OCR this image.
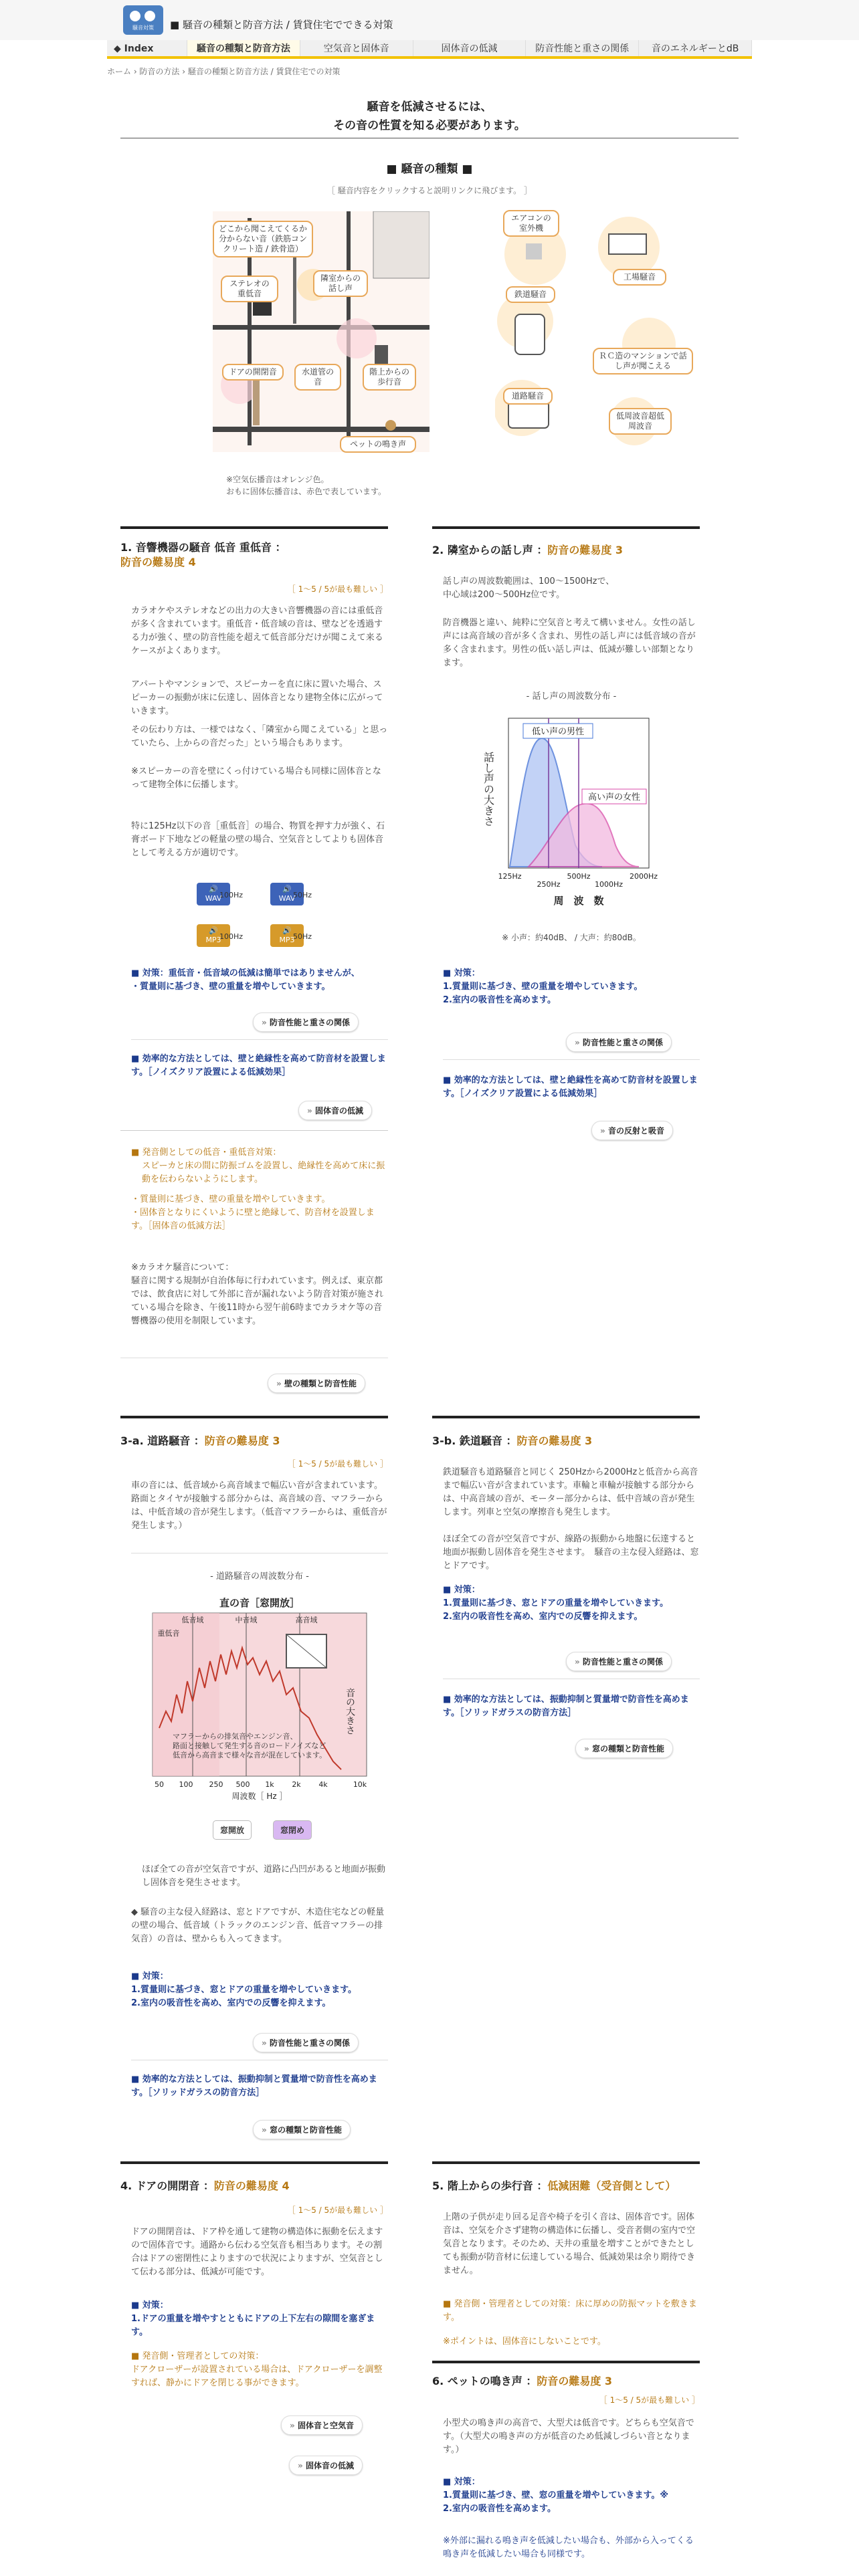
騒音対策	■ 騒音の種類と防音方法 / 賃貸住宅でできる対策
◆ Index	騒音の種類と防音方法	空気音と固体音	固体音の低減	防音性能と重さの関係	音のエネルギーとdB
ホーム › 防音の方法 › 騒音の種類と防音方法 / 賃貸住宅での対策
騒音を低減させるには、
その音の性質を知る必要があります。
■ 騒音の種類 ■
［ 騒音内容をクリックすると説明リンクに飛びます。 ］
どこから聞こえてくるか分からない音（鉄筋コンクリート造 / 鉄骨造）
ステレオの重低音
隣室からの話し声
ドアの開閉音	水道管の音
階上からの歩行音
ペットの鳴き声
エアコンの室外機
工場騒音
鉄道騒音
ＲＣ造のマンションで話し声が聞こえる
道路騒音
低周波音超低周波音
※空気伝播音はオレンジ色。
おもに固体伝播音は、赤色で表しています。
1. 音響機器の騒音 低音 重低音 ：
防音の難易度 4
［ 1～5 / 5が最も難しい ］
カラオケやステレオなどの出力の大きい音響機器の音には重低音が多く含まれています。重低音・低音域の音は、壁などを透過する力が強く、壁の防音性能を超えて低音部分だけが聞こえて来るケースがよくあります。
アパートやマンションで、スピーカーを直に床に置いた場合、スピーカーの振動が床に伝達し、固体音となり建物全体に広がっていきます。
その伝わり方は、一様ではなく、「隣室から聞こえている」と思っていたら、上からの音だった」という場合もあります。
※スピーカーの音を壁にくっ付けている場合も同様に固体音となって建物全体に伝播します。
特に125Hz以下の音［重低音］の場合、物質を押す力が強く、石膏ボード下地などの軽量の壁の場合、空気音としてよりも固体音として考える方が適切です。
🔊
WAV
100Hz
🔊
WAV
50Hz
🔊
MP3
100Hz
🔊
MP3
50Hz
■ 対策：重低音・低音域の低減は簡単ではありませんが、
・質量則に基づき、壁の重量を増やしていきます。
» 防音性能と重さの関係
■ 効率的な方法としては、壁と絶縁性を高めて防音材を設置します。［ノイズクリア設置による低減効果］
» 固体音の低減
■ 発音側としての低音・重低音対策：
スピーカと床の間に防振ゴムを設置し、絶縁性を高めて床に振動を伝わらないようにします。
・質量則に基づき、壁の重量を増やしていきます。
・固体音となりにくいように壁と絶縁して、防音材を設置します。［固体音の低減方法］
※カラオケ騒音について：
騒音に関する規制が自治体毎に行われています。例えば、東京都では、飲食店に対して外部に音が漏れないよう防音対策が施されている場合を除き、午後11時から翌午前6時までカラオケ等の音響機器の使用を制限しています。
» 壁の種類と防音性能
2. 隣室からの話し声 ：防音の難易度 3
話し声の周波数範囲は、100～1500Hzで、
中心域は200～500Hz位です。
防音機器と違い、純粋に空気音と考えて構いません。女性の話し声には高音域の音が多く含まれ、男性の話し声には低音域の音が多く含まれます。男性の低い話し声は、低減が難しい部類となります。
- 話し声の周波数分布 -
低い声の男性
高い声の女性
話し声の大きさ
125Hz
250Hz
500Hz
1000Hz
2000Hz
周　波　数
※ 小声：約40dB、 / 大声：約80dB。
■ 対策：
1.質量則に基づき、壁の重量を増やしていきます。
2.室内の吸音性を高めます。
» 防音性能と重さの関係
■ 効率的な方法としては、壁と絶縁性を高めて防音材を設置します。［ノイズクリア設置による低減効果］
» 音の反射と吸音
3-a. 道路騒音 ：防音の難易度 3
［ 1～5 / 5が最も難しい ］
車の音には、低音域から高音域まで幅広い音が含まれています。路面とタイヤが接触する部分からは、高音域の音、マフラーからは、中低音域の音が発生します。（低音マフラーからは、重低音が発生します。）
- 道路騒音の周波数分布 -
直の音［窓開放］
低音域	中音域	高音域
重低音
音の大きさ
マフラーからの排気音やエンジン音、 路面と接触して発生する音のロードノイズなど 低音から高音まで様々な音が混在しています。
50 100 250 500 1k 2k 4k	10k
周波数［ Hz ］
窓開放	窓閉め
ほぼ全ての音が空気音ですが、道路に凸凹があると地面が振動し固体音を発生させます。
◆ 騒音の主な侵入経路は、窓とドアですが、木造住宅などの軽量の壁の場合、低音域（トラックのエンジン音、低音マフラーの排気音）の音は、壁からも入ってきます。
■ 対策：
1.質量則に基づき、窓とドアの重量を増やしていきます。
2.室内の吸音性を高め、室内での反響を抑えます。
» 防音性能と重さの関係
■ 効率的な方法としては、振動抑制と質量増で防音性を高めます。［ソリッドガラスの防音方法］
» 窓の種類と防音性能
3-b. 鉄道騒音 ：防音の難易度 3
鉄道騒音も道路騒音と同じく 250Hzから2000Hzと低音から高音まで幅広い音が含まれています。車輪と車輪が接触する部分からは、中高音域の音が、モーター部分からは、低中音域の音が発生します。列車と空気の摩擦音も発生します。
ほぼ全ての音が空気音ですが、線路の振動から地盤に伝達すると地面が振動し固体音を発生させます。　騒音の主な侵入経路は、窓とドアです。
■ 対策：
1.質量則に基づき、窓とドアの重量を増やしていきます。
2.室内の吸音性を高め、室内での反響を抑えます。
» 防音性能と重さの関係
■ 効率的な方法としては、振動抑制と質量増で防音性を高めます。［ソリッドガラスの防音方法］
» 窓の種類と防音性能
4. ドアの開閉音 ：防音の難易度 4
［ 1～5 / 5が最も難しい ］
ドアの開閉音は、ドア枠を通して建物の構造体に振動を伝えますので固体音です。通路から伝わる空気音も相当あります。その割合はドアの密閉性によりますので状況によりますが、空気音として伝わる部分は、低減が可能です。
■ 対策：
1.ドアの重量を増やすとともにドアの上下左右の隙間を塞ぎます。
■ 発音側・管理者としての対策：
ドアクローザーが設置されている場合は、ドアクローザーを調整すれば、静かにドアを閉じる事ができます。
» 固体音と空気音
» 固体音の低減
5. 階上からの歩行音 ：低減困難（受音側として）
上階の子供が走り回る足音や椅子を引く音は、固体音です。固体音は、空気を介さず建物の構造体に伝播し、受音者側の室内で空気音となります。そのため、天井の重量を増すことができたとしても振動が防音材に伝達している場合、低減効果は余り期待できません。
■ 発音側・管理者としての対策：床に厚めの防振マットを敷きます。
※ポイントは、固体音にしないことです。
6. ペットの鳴き声 ：防音の難易度 3
［ 1～5 / 5が最も難しい ］
小型犬の鳴き声の高音で、大型犬は低音です。どちらも空気音です。（大型犬の鳴き声の方が低音のため低減しづらい音となります。）
■ 対策：
1.質量則に基づき、壁、窓の重量を増やしていきます。※
2.室内の吸音性を高めます。
※外部に漏れる鳴き声を低減したい場合も、外部から入ってくる鳴き声を低減したい場合も同様です。
